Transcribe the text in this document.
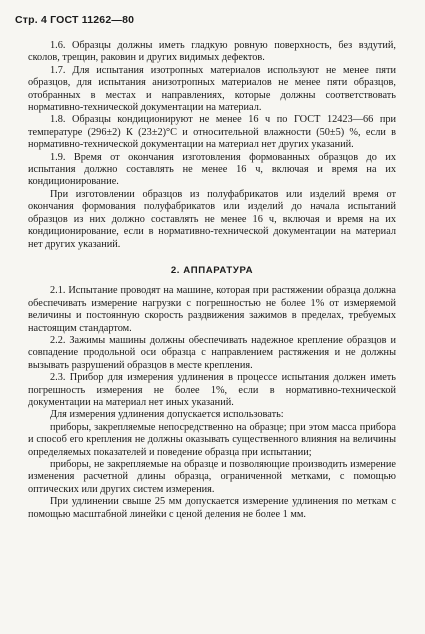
Стр. 4 ГОСТ 11262—80

1.6. Образцы должны иметь гладкую ровную поверхность, без вздутий, сколов, трещин, раковин и других видимых дефектов.

1.7. Для испытания изотропных материалов используют не менее пяти образцов, для испытания анизотропных материалов не менее пяти образцов, отобранных в местах и направлениях, которые должны соответствовать нормативно-технической документации на материал.

1.8. Образцы кондиционируют не менее 16 ч по ГОСТ 12423—66 при температуре (296±2) К (23±2)°С и относительной влажности (50±5) %, если в нормативно-технической документации на материал нет других указаний.

1.9. Время от окончания изготовления формованных образцов до их испытания должно составлять не менее 16 ч, включая и время на их кондиционирование.

При изготовлении образцов из полуфабрикатов или изделий время от окончания формования полуфабрикатов или изделий до начала испытаний образцов из них должно составлять не менее 16 ч, включая и время на их кондиционирование, если в нормативно-технической документации на материал нет других указаний.

2. АППАРАТУРА

2.1. Испытание проводят на машине, которая при растяжении образца должна обеспечивать измерение нагрузки с погрешностью не более 1% от измеряемой величины и постоянную скорость раздвижения зажимов в пределах, требуемых настоящим стандартом.

2.2. Зажимы машины должны обеспечивать надежное крепление образцов и совпадение продольной оси образца с направлением растяжения и не должны вызывать разрушений образцов в месте крепления.

2.3. Прибор для измерения удлинения в процессе испытания должен иметь погрешность измерения не более 1%, если в нормативно-технической документации на материал нет иных указаний.

Для измерения удлинения допускается использовать:

приборы, закрепляемые непосредственно на образце; при этом масса прибора и способ его крепления не должны оказывать существенного влияния на величины определяемых показателей и поведение образца при испытании;

приборы, не закрепляемые на образце и позволяющие производить измерение изменения расчетной длины образца, ограниченной метками, с помощью оптических или других систем измерения.

При удлинении свыше 25 мм допускается измерение удлинения по меткам с помощью масштабной линейки с ценой деления не более 1 мм.
